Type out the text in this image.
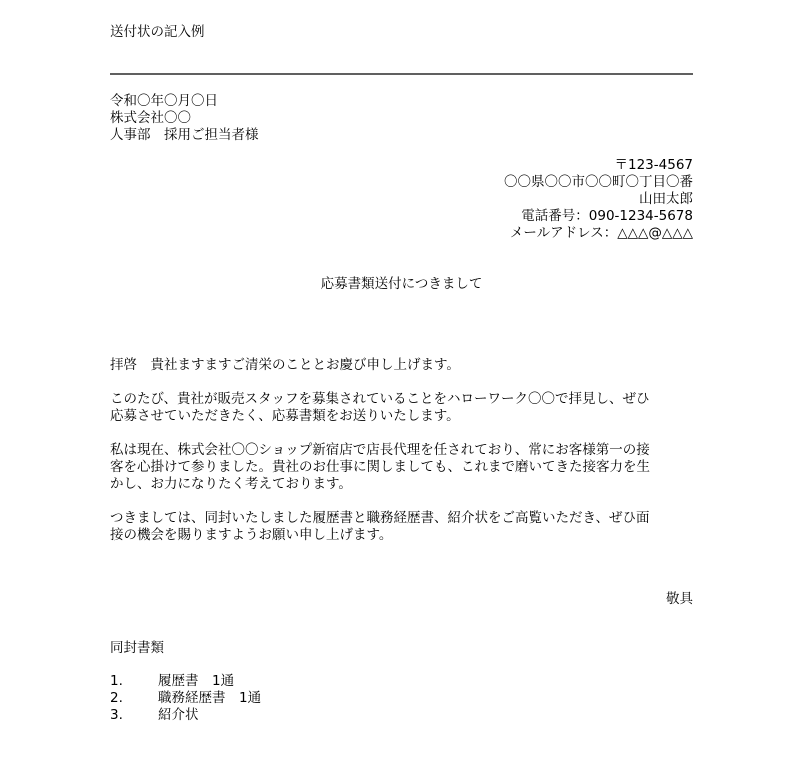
送付状の記入例
令和〇年〇月〇日
株式会社〇〇
人事部　採用ご担当者様
〒123-4567
〇〇県〇〇市〇〇町〇丁目〇番
山田太郎
電話番号：090-1234-5678
メールアドレス：△△△@△△△
応募書類送付につきまして

拝啓　貴社ますますご清栄のこととお慶び申し上げます。

このたび、貴社が販売スタッフを募集されていることをハローワーク〇〇で拝見し、ぜひ
応募させていただきたく、応募書類をお送りいたします。

私は現在、株式会社〇〇ショップ新宿店で店長代理を任されており、常にお客様第一の接
客を心掛けて参りました。貴社のお仕事に関しましても、これまで磨いてきた接客力を生
かし、お力になりたく考えております。

つきましては、同封いたしました履歴書と職務経歴書、紹介状をご高覧いただき、ぜひ面
接の機会を賜りますようお願い申し上げます。

敬具
同封書類
1.	履歴書　1通
2.	職務経歴書　1通
3.	紹介状
